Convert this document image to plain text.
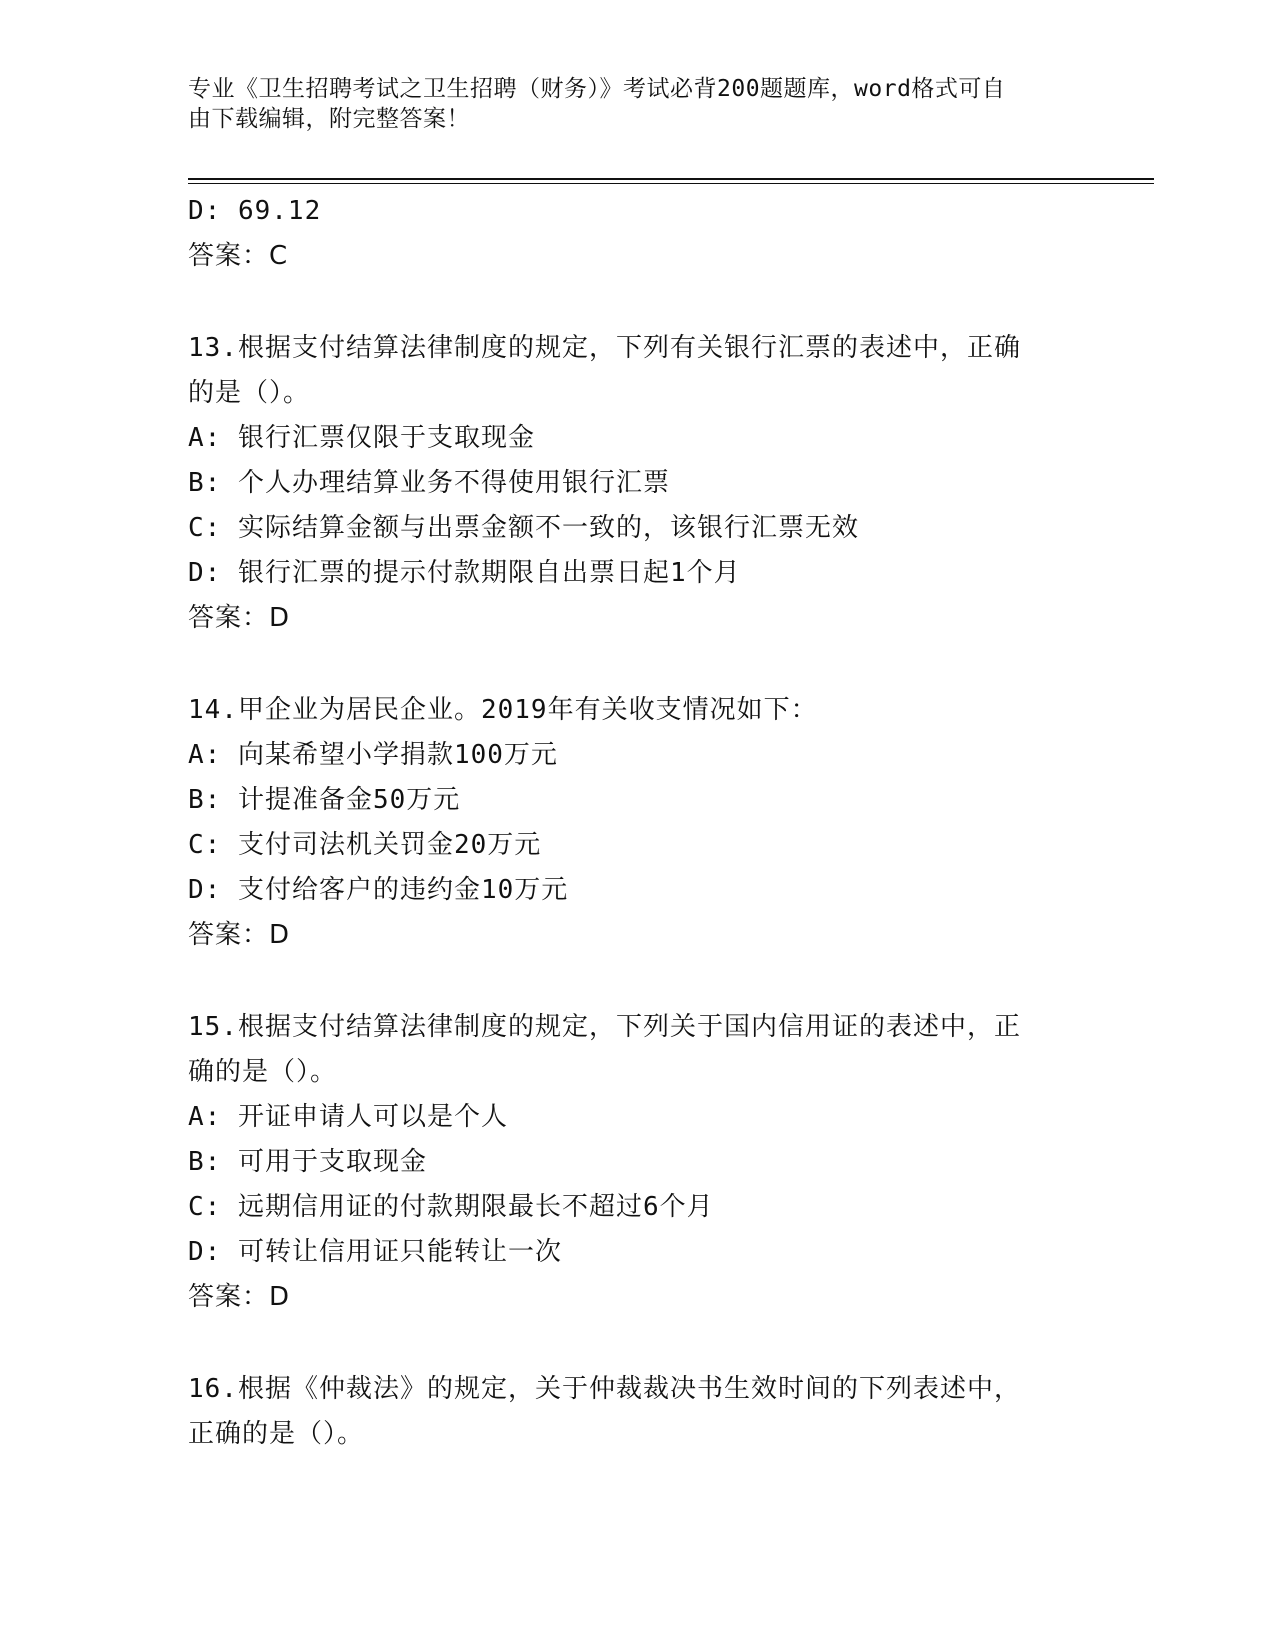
专业《卫生招聘考试之卫生招聘（财务）》考试必背200题题库，word格式可自
由下载编辑，附完整答案！
D: 69.12
答案：C
13.根据支付结算法律制度的规定，下列有关银行汇票的表述中，正确
的是（）。
A: 银行汇票仅限于支取现金
B: 个人办理结算业务不得使用银行汇票
C: 实际结算金额与出票金额不一致的，该银行汇票无效
D: 银行汇票的提示付款期限自出票日起1个月
答案：D
14.甲企业为居民企业。2019年有关收支情况如下：
A: 向某希望小学捐款100万元
B: 计提准备金50万元
C: 支付司法机关罚金20万元
D: 支付给客户的违约金10万元
答案：D
15.根据支付结算法律制度的规定，下列关于国内信用证的表述中，正
确的是（）。
A: 开证申请人可以是个人
B: 可用于支取现金
C: 远期信用证的付款期限最长不超过6个月
D: 可转让信用证只能转让一次
答案：D
16.根据《仲裁法》的规定，关于仲裁裁决书生效时间的下列表述中，
正确的是（）。
